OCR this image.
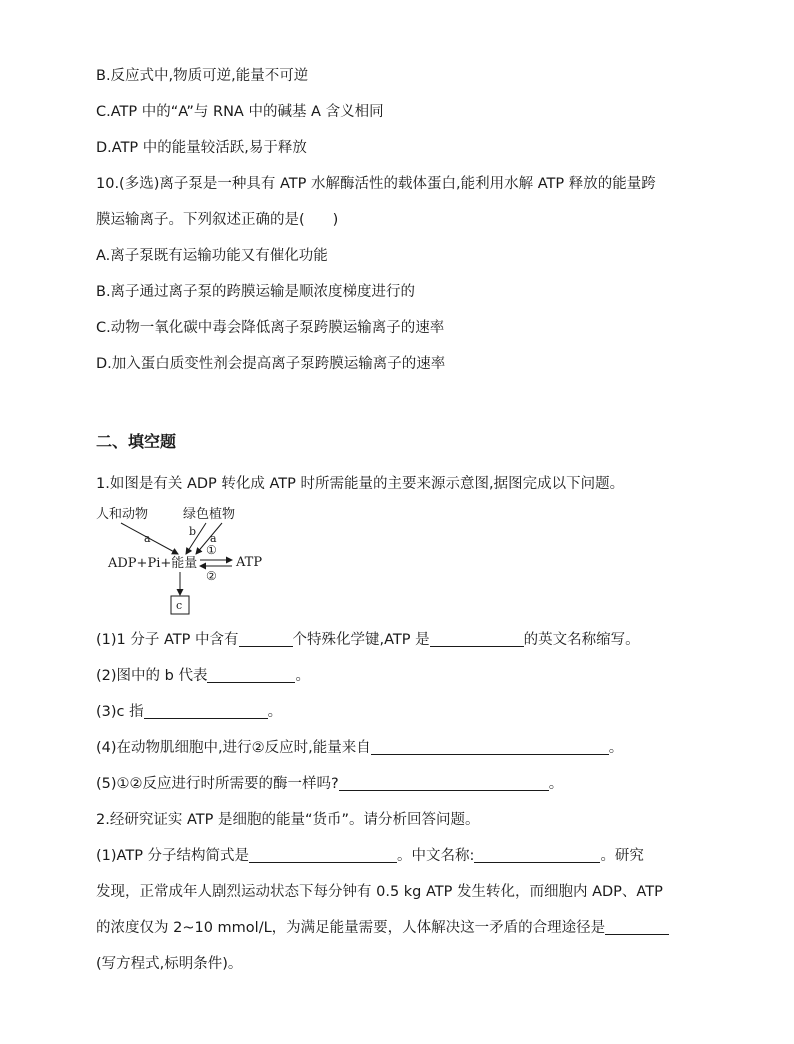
B.反应式中,物质可逆,能量不可逆
C.ATP 中的“A”与 RNA 中的碱基 A 含义相同
D.ATP 中的能量较活跃,易于释放
10.(多选)离子泵是一种具有 ATP 水解酶活性的载体蛋白,能利用水解 ATP 释放的能量跨
膜运输离子。下列叙述正确的是( )
A.离子泵既有运输功能又有催化功能
B.离子通过离子泵的跨膜运输是顺浓度梯度进行的
C.动物一氧化碳中毒会降低离子泵跨膜运输离子的速率
D.加入蛋白质变性剂会提高离子泵跨膜运输离子的速率
二、填空题
1.如图是有关 ADP 转化成 ATP 时所需能量的主要来源示意图,据图完成以下问题。
人和动物	绿色植物
a
b
a
ADP+Pi+能量
①
②
ATP
c
(1)1 分子 ATP 中含有	个特殊化学键,ATP 是	的英文名称缩写。
(2)图中的 b 代表	。
(3)c 指	。
(4)在动物肌细胞中,进行②反应时,能量来自	。
(5)①②反应进行时所需要的酶一样吗?	。
2.经研究证实 ATP 是细胞的能量“货币”。请分析回答问题。
(1)ATP 分子结构简式是	。中文名称:	。研究
发现，正常成年人剧烈运动状态下每分钟有 0.5 kg ATP 发生转化，而细胞内 ADP、ATP
的浓度仅为 2~10 mmol/L，为满足能量需要，人体解决这一矛盾的合理途径是
(写方程式,标明条件)。
